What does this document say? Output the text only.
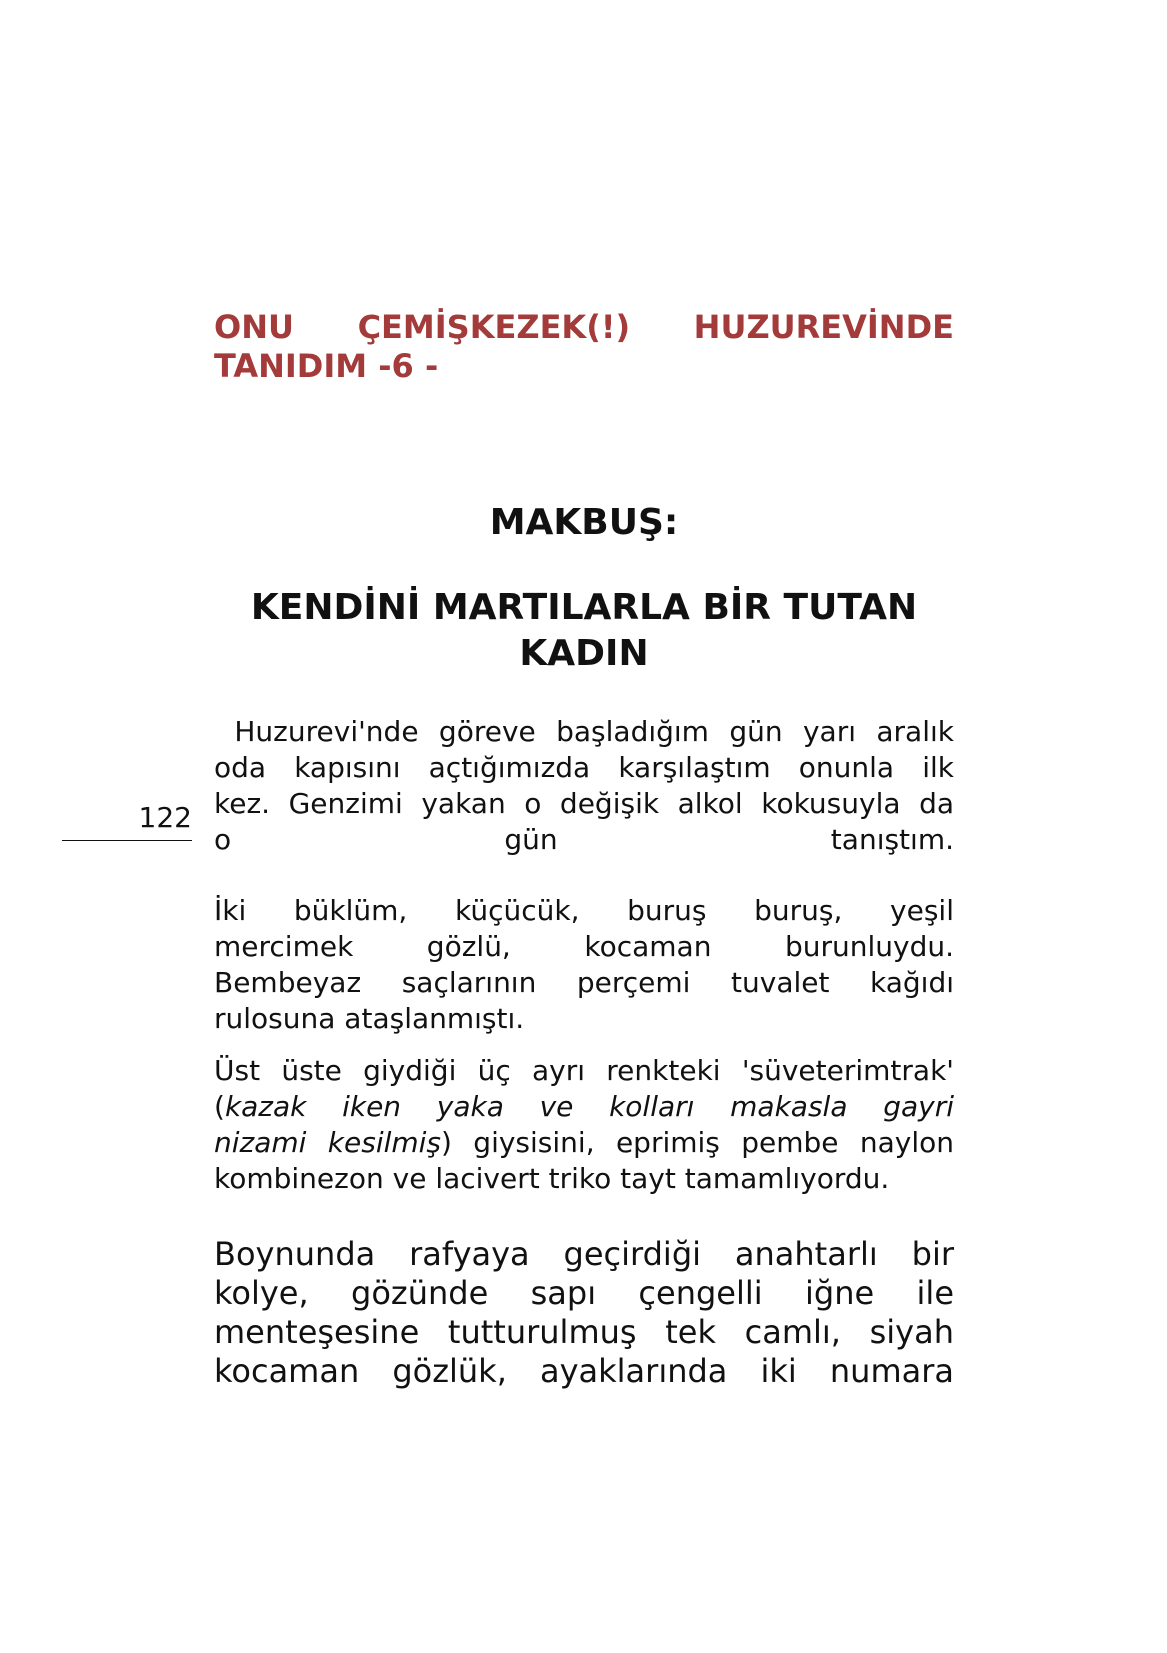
ONU ÇEMİŞKEZEK(!) HUZUREVİNDE
TANIDIM -6 -
MAKBUŞ:
KENDİNİ MARTILARLA BİR TUTAN
KADIN
122

Huzurevi'nde göreve başladığım gün yarı aralık
oda kapısını açtığımızda karşılaştım onunla ilk
kez. Genzimi yakan o değişik alkol kokusuyla da
o gün tanıştım.

İki büklüm, küçücük, buruş buruş, yeşil
mercimek gözlü, kocaman burunluydu.
Bembeyaz saçlarının perçemi tuvalet kağıdı
rulosuna ataşlanmıştı.

Üst üste giydiği üç ayrı renkteki 'süveterimtrak'
(kazak iken yaka ve kolları makasla gayri
nizami kesilmiş) giysisini, eprimiş pembe naylon
kombinezon ve lacivert triko tayt tamamlıyordu.

Boynunda rafyaya geçirdiği anahtarlı bir
kolye, gözünde sapı çengelli iğne ile
menteşesine tutturulmuş tek camlı, siyah
kocaman gözlük, ayaklarında iki numara
